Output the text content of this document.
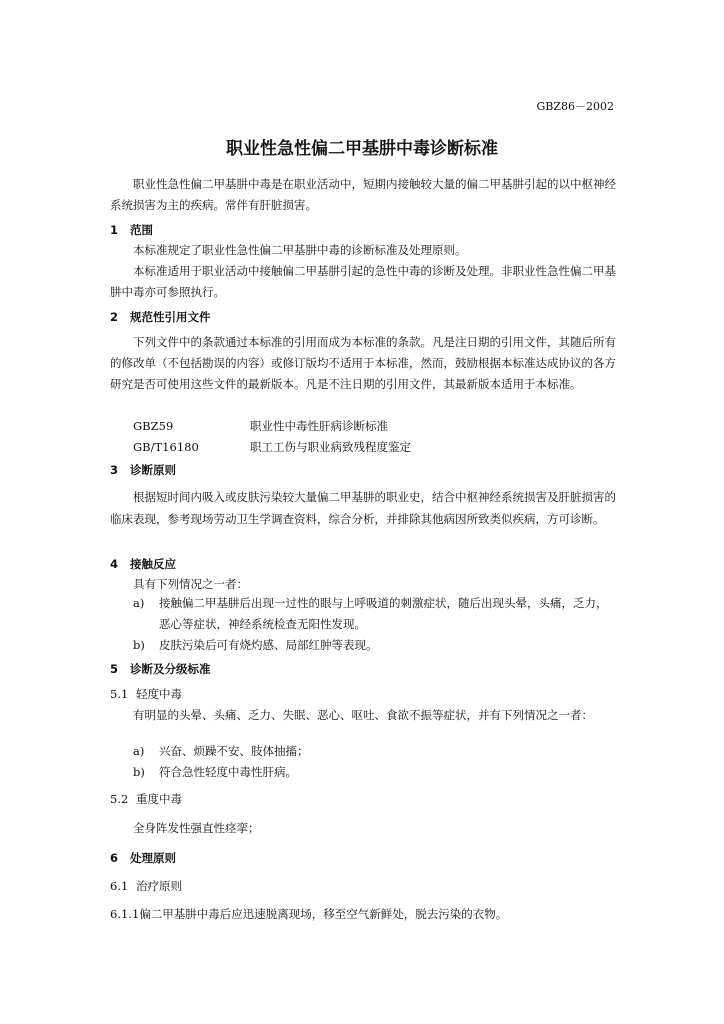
GBZ86－2002
职业性急性偏二甲基肼中毒诊断标准
职业性急性偏二甲基肼中毒是在职业活动中，短期内接触较大量的偏二甲基肼引起的以中枢神经系统损害为主的疾病。常伴有肝脏损害。
1 范围
本标准规定了职业性急性偏二甲基肼中毒的诊断标准及处理原则。
本标准适用于职业活动中接触偏二甲基肼引起的急性中毒的诊断及处理。非职业性急性偏二甲基肼中毒亦可参照执行。
2 规范性引用文件
下列文件中的条款通过本标准的引用而成为本标准的条款。凡是注日期的引用文件，其随后所有的修改单（不包括勘误的内容）或修订版均不适用于本标准，然而，鼓励根据本标准达成协议的各方研究是否可使用这些文件的最新版本。凡是不注日期的引用文件，其最新版本适用于本标准。
GBZ59	职业性中毒性肝病诊断标准
GB/T16180	职工工伤与职业病致残程度鉴定
3 诊断原则
根据短时间内吸入或皮肤污染较大量偏二甲基肼的职业史，结合中枢神经系统损害及肝脏损害的临床表现，参考现场劳动卫生学调查资料，综合分析，并排除其他病因所致类似疾病，方可诊断。
4 接触反应
具有下列情况之一者：
a)	接触偏二甲基肼后出现一过性的眼与上呼吸道的刺激症状，随后出现头晕，头痛，乏力，恶心等症状，神经系统检查无阳性发现。
b)	皮肤污染后可有烧灼感、局部红肿等表现。
5 诊断及分级标准
5.1 轻度中毒
有明显的头晕、头痛、乏力、失眠、恶心、呕吐、食欲不振等症状，并有下列情况之一者：
a)	兴奋、烦躁不安、肢体抽搐；
b)	符合急性轻度中毒性肝病。
5.2 重度中毒
全身阵发性强直性痉挛；
6 处理原则
6.1 治疗原则
6.1.1偏二甲基肼中毒后应迅速脱离现场，移至空气新鲜处，脱去污染的衣物。
